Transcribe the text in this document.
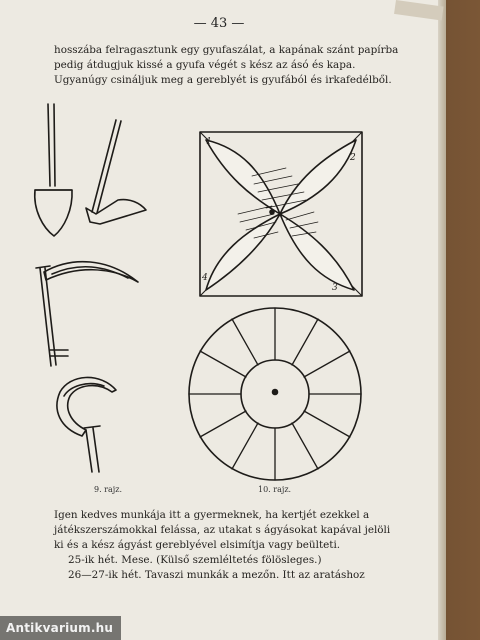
— 43 —

hosszába felragasztunk egy gyufaszálat, a kapának szánt papírba
pedig átdugjuk kissé a gyufa végét s kész az ásó és kapa.
Ugyanúgy csináljuk meg a gereblyét is gyufából és irkafedélből.

1
2
3
4
9. rajz.	10. rajz.

Igen kedves munkája itt a gyermeknek, ha kertjét ezekkel a
játékszerszámokkal felássa, az utakat s ágyásokat kapával jelöli
ki és a kész ágyást gereblyével elsimítja vagy beülteti.
25-ik hét. Mese. (Külső szemléltetés fölösleges.)
26—27-ik hét. Tavaszi munkák a mezőn. Itt az aratáshoz

Antikvarium.hu
